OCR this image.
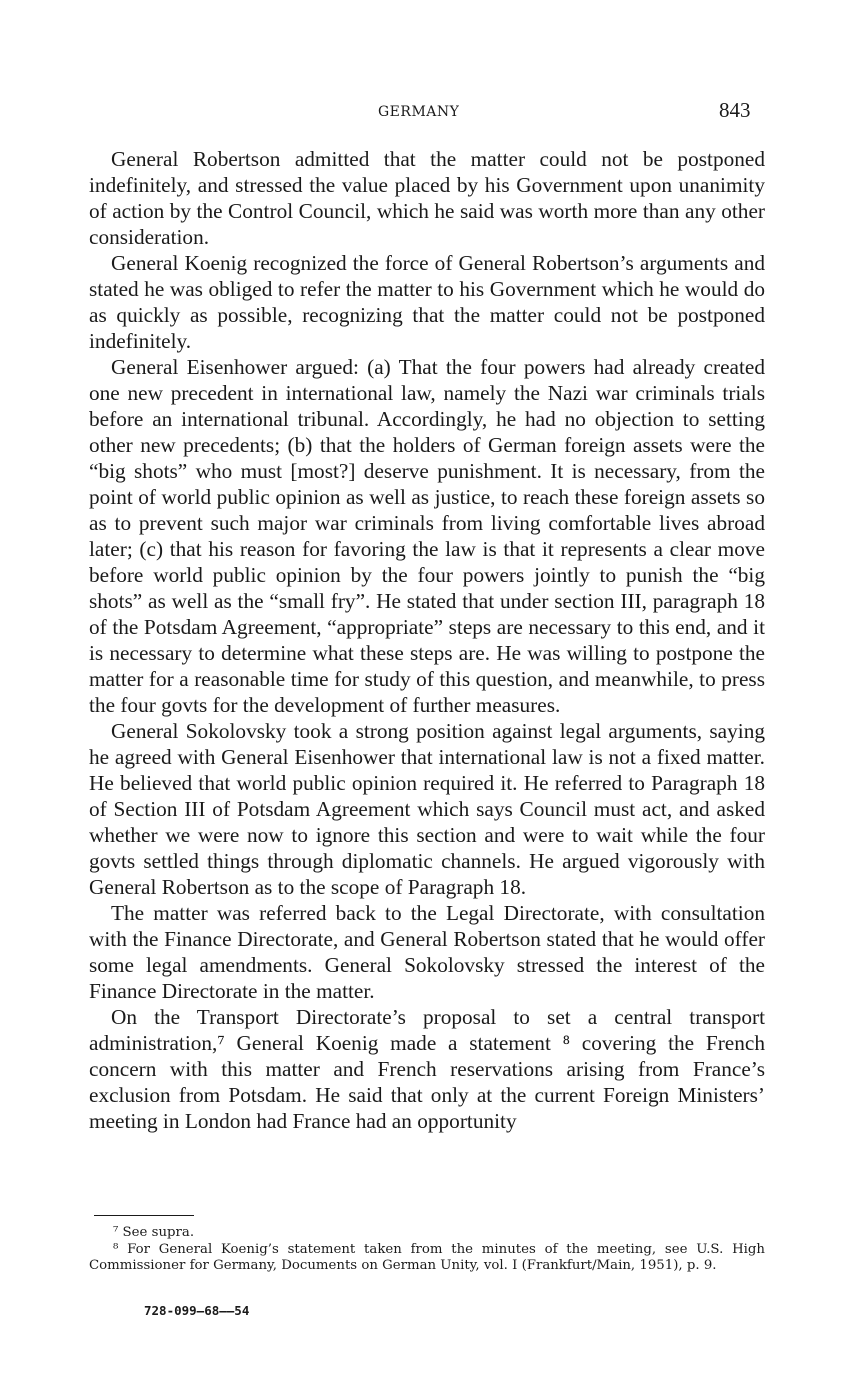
GERMANY	843

General Robertson admitted that the matter could not be postponed indefinitely, and stressed the value placed by his Government upon unanimity of action by the Control Council, which he said was worth more than any other consideration.

General Koenig recognized the force of General Robertson’s arguments and stated he was obliged to refer the matter to his Government which he would do as quickly as possible, recognizing that the matter could not be postponed indefinitely.

General Eisenhower argued: (a) That the four powers had already created one new precedent in international law, namely the Nazi war criminals trials before an international tribunal. Accordingly, he had no objection to setting other new precedents; (b) that the holders of German foreign assets were the “big shots” who must [most?] deserve punishment. It is necessary, from the point of world public opinion as well as justice, to reach these foreign assets so as to prevent such major war criminals from living comfortable lives abroad later; (c) that his reason for favoring the law is that it represents a clear move before world public opinion by the four powers jointly to punish the “big shots” as well as the “small fry”. He stated that under section III, paragraph 18 of the Potsdam Agreement, “appropriate” steps are necessary to this end, and it is necessary to determine what these steps are. He was willing to postpone the matter for a reasonable time for study of this question, and meanwhile, to press the four govts for the development of further measures.

General Sokolovsky took a strong position against legal arguments, saying he agreed with General Eisenhower that international law is not a fixed matter. He believed that world public opinion required it. He referred to Paragraph 18 of Section III of Potsdam Agreement which says Council must act, and asked whether we were now to ignore this section and were to wait while the four govts settled things through diplomatic channels. He argued vigorously with General Robertson as to the scope of Paragraph 18.

The matter was referred back to the Legal Directorate, with consultation with the Finance Directorate, and General Robertson stated that he would offer some legal amendments. General Sokolovsky stressed the interest of the Finance Directorate in the matter.

On the Transport Directorate’s proposal to set a central transport administration,⁷ General Koenig made a statement ⁸ covering the French concern with this matter and French reservations arising from France’s exclusion from Potsdam. He said that only at the current Foreign Ministers’ meeting in London had France had an opportunity

⁷ See supra.

⁸ For General Koenig’s statement taken from the minutes of the meeting, see U.S. High Commissioner for Germany, Documents on German Unity, vol. I (Frankfurt/Main, 1951), p. 9.

728-099—68——54
